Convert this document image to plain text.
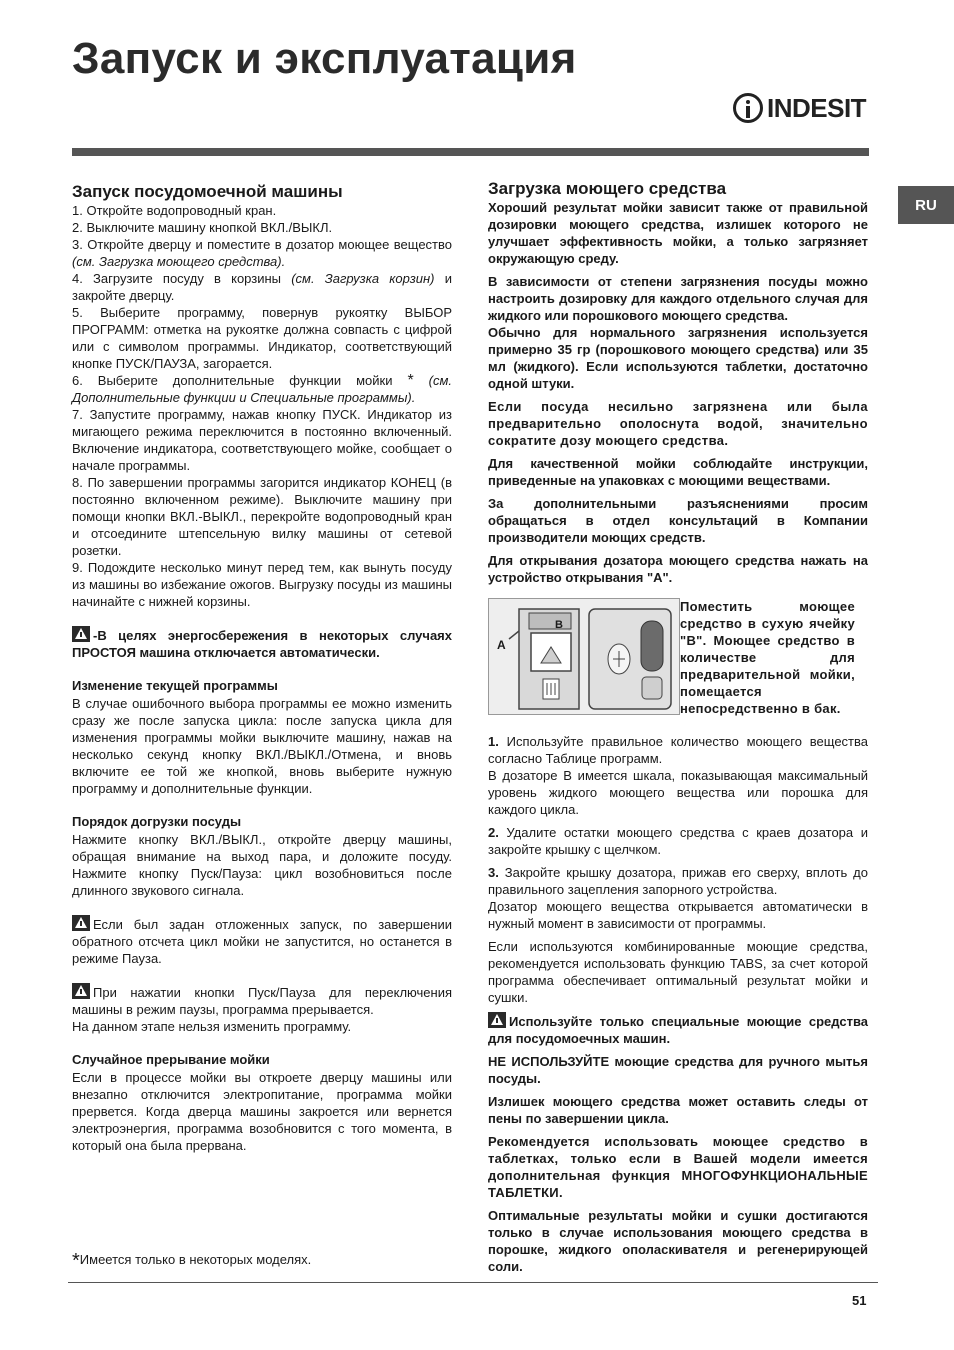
Запуск и эксплуатация
INDESIT
RU
Запуск посудомоечной машины

1. Откройте водопроводный кран.

2. Выключите машину кнопкой ВКЛ./ВЫКЛ.

3. Откройте дверцу и поместите в дозатор моющее вещество (см. Загрузка моющего средства).

4. Загрузите посуду в корзины (см. Загрузка корзин) и закройте дверцу.

5. Выберите программу, повернув рукоятку ВЫБОР ПРОГРАММ: отметка на рукоятке должна совпасть с цифрой или с символом программы. Индикатор, соответствующий кнопке ПУСК/ПАУЗА, загорается.

6. Выберите дополнительные функции мойки * (см. Дополнительные функции и Специальные программы).

7. Запустите программу, нажав кнопку ПУСК. Индикатор из мигающего режима переключится в постоянно включенный. Включение индикатора, соответствующего мойке, сообщает о начале программы.

8. По завершении программы загорится индикатор КОНЕЦ (в постоянно включенном режиме). Выключите машину при помощи кнопки ВКЛ.-ВЫКЛ., перекройте водопроводный кран и отсоедините штепсельную вилку машины от сетевой розетки.

9. Подождите несколько минут перед тем, как вынуть посуду из машины во избежание ожогов. Выгрузку посуды из машины начинайте с нижней корзины.

-В целях энергосбережения в некоторых случаях ПРОСТОЯ машина отключается автоматически.

Изменение текущей программы

В случае ошибочного выбора программы ее можно изменить сразу же после запуска цикла: после запуска цикла для изменения программы мойки выключите машину, нажав на несколько секунд кнопку ВКЛ./ВЫКЛ./Отмена, и вновь включите ее той же кнопкой, вновь выберите нужную программу и дополнительные функции.

Порядок догрузки посуды

Нажмите кнопку ВКЛ./ВЫКЛ., откройте дверцу машины, обращая внимание на выход пара, и доложите посуду. Нажмите кнопку Пуск/Пауза: цикл возобновиться после длинного звукового сигнала.

Если был задан отложенных запуск, по завершении обратного отсчета цикл мойки не запустится, но останется в режиме Пауза.

При нажатии кнопки Пуск/Пауза для переключения машины в режим паузы, программа прерывается.

На данном этапе нельзя изменить программу.

Случайное прерывание мойки

Если в процессе мойки вы откроете дверцу машины или внезапно отключится электропитание, программа мойки прервется. Когда дверца машины закроется или вернется электроэнергия, программа возобновится с того момента, в который она была прервана.

Загрузка моющего средства

Хороший результат мойки зависит также от правильной дозировки моющего средства, излишек которого не улучшает эффективность мойки, а только загрязняет окружающую среду.

В зависимости от степени загрязнения посуды можно настроить дозировку для каждого отдельного случая для жидкого или порошкового моющего средства.

Обычно для нормального загрязнения используется примерно 35 гр (порошкового моющего средства) или 35 мл (жидкого). Если используются таблетки, достаточно одной штуки.

Если посуда несильно загрязнена или была предварительно ополоснута водой, значительно сократите дозу моющего средства.

Для качественной мойки соблюдайте инструкции, приведенные на упаковках с моющими веществами.

За дополнительными разъяснениями просим обращаться в отдел консультаций в Компании производители моющих средств.

Для открывания дозатора моющего средства нажать на устройство открывания "А".

A
B

Поместить моющее средство в сухую ячейку "В". Моющее средство в количестве для предварительной мойки, помещается непосредственно в бак.

1. Используйте правильное количество моющего вещества согласно Таблице программ.

В дозаторе В имеется шкала, показывающая максимальный уровень жидкого моющего вещества или порошка для каждого цикла.

2. Удалите остатки моющего средства с краев дозатора и закройте крышку с щелчком.

3. Закройте крышку дозатора, прижав его сверху, вплоть до правильного зацепления запорного устройства.

Дозатор моющего вещества открывается автоматически в нужный момент в зависимости от программы.

Если используются комбинированные моющие средства, рекомендуется использовать функцию TABS, за счет которой программа обеспечивает оптимальный результат мойки и сушки.

Используйте только специальные моющие средства для посудомоечных машин.

НЕ ИСПОЛЬЗУЙТЕ моющие средства для ручного мытья посуды.

Излишек моющего средства может оставить следы от пены по завершении цикла.

Рекомендуется использовать моющее средство в таблетках, только если в Вашей модели имеется дополнительная функция МНОГОФУНКЦИОНАЛЬНЫЕ ТАБЛЕТКИ.

Оптимальные результаты мойки и сушки достигаются только в случае использования моющего средства в порошке, жидкого ополаскивателя и регенерирующей соли.

*Имеется только в некоторых моделях.
51
